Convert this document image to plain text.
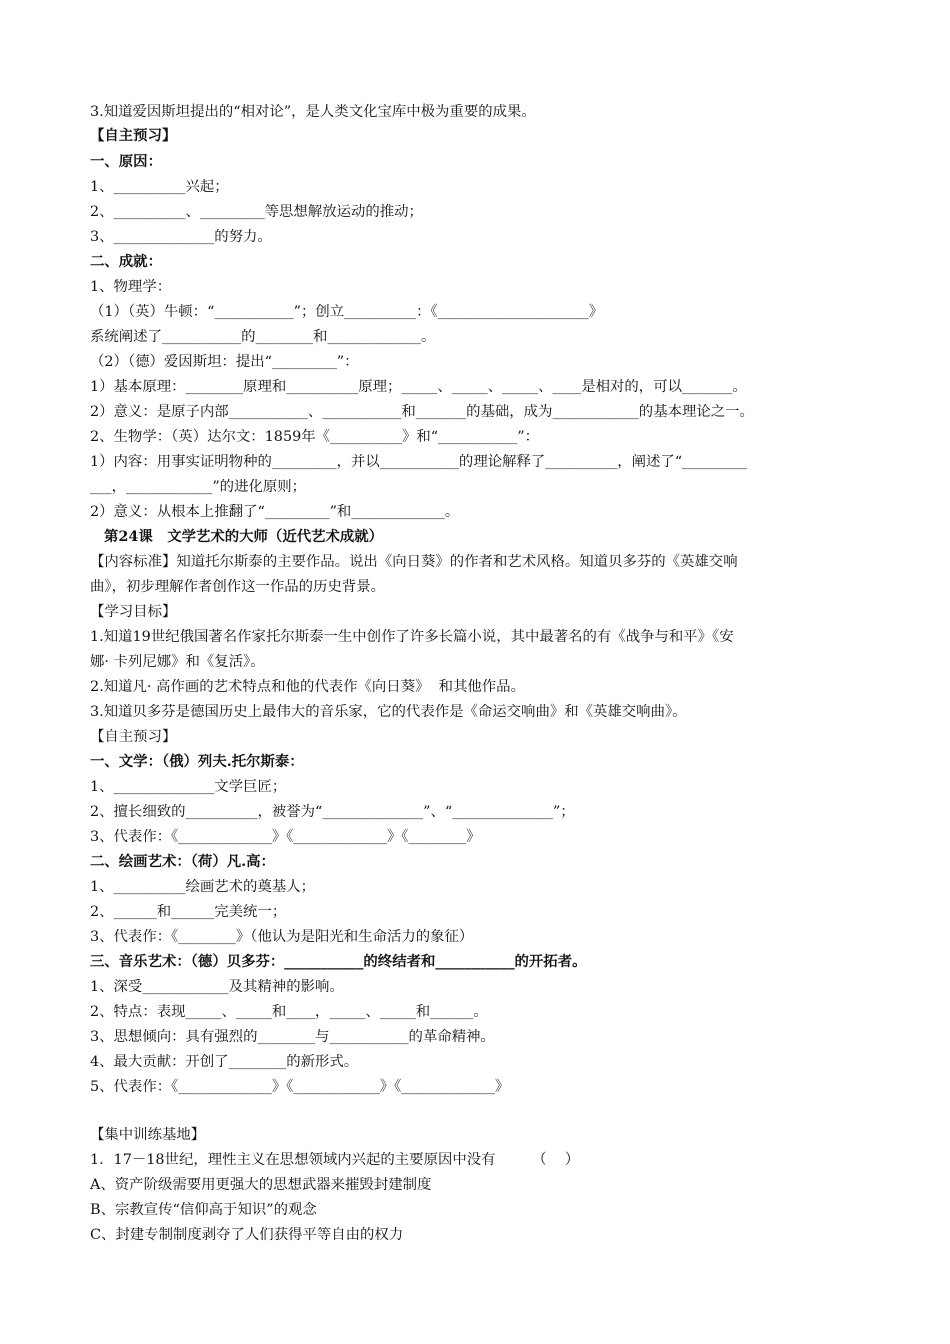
3.知道爱因斯坦提出的“相对论”，是人类文化宝库中极为重要的成果。
【自主预习】
一、原因：
1、__________兴起；
2、__________、_________等思想解放运动的推动；
3、______________的努力。
二、成就：
1、物理学：
（1）（英）牛顿：“___________”；创立__________：《_____________________》
系统阐述了___________的________和_____________。
（2）（德）爱因斯坦：提出“_________”：
1）基本原理：________原理和__________原理；_____、_____、_____、____是相对的，可以_______。
2）意义：是原子内部___________、___________和_______的基础，成为____________的基本理论之一。
2、生物学：（英）达尔文：1859年《__________》和“___________”：
1）内容：用事实证明物种的_________，并以___________的理论解释了__________，阐述了“_________
___，____________”的进化原则；
2）意义：从根本上推翻了“_________”和_____________。
第24课　文学艺术的大师（近代艺术成就）
【内容标准】知道托尔斯泰的主要作品。说出《向日葵》的作者和艺术风格。知道贝多芬的《英雄交响
曲》，初步理解作者创作这一作品的历史背景。
【学习目标】
1.知道19世纪俄国著名作家托尔斯泰一生中创作了许多长篇小说，其中最著名的有《战争与和平》《安
娜· 卡列尼娜》和《复活》。
2.知道凡· 高作画的艺术特点和他的代表作《向日葵》  和其他作品。
3.知道贝多芬是德国历史上最伟大的音乐家，它的代表作是《命运交响曲》和《英雄交响曲》。
【自主预习】
一、文学：（俄）列夫.托尔斯泰：
1、______________文学巨匠；
2、擅长细致的__________，被誉为“______________”、“______________”；
3、代表作：《_____________》《_____________》《________》
二、绘画艺术：（荷）凡.高：
1、__________绘画艺术的奠基人；
2、______和______完美统一；
3、代表作：《________》（他认为是阳光和生命活力的象征）
三、音乐艺术：（德）贝多芬：___________的终结者和___________的开拓者。
1、深受____________及其精神的影响。
2、特点：表现_____、_____和____，_____、_____和______。
3、思想倾向：具有强烈的________与___________的革命精神。
4、最大贡献：开创了________的新形式。
5、代表作：《_____________》《____________》《_____________》
【集中训练基地】
1．17－18世纪，理性主义在思想领域内兴起的主要原因中没有        （    ）
A、资产阶级需要用更强大的思想武器来摧毁封建制度
B、宗教宣传“信仰高于知识”的观念
C、封建专制制度剥夺了人们获得平等自由的权力
